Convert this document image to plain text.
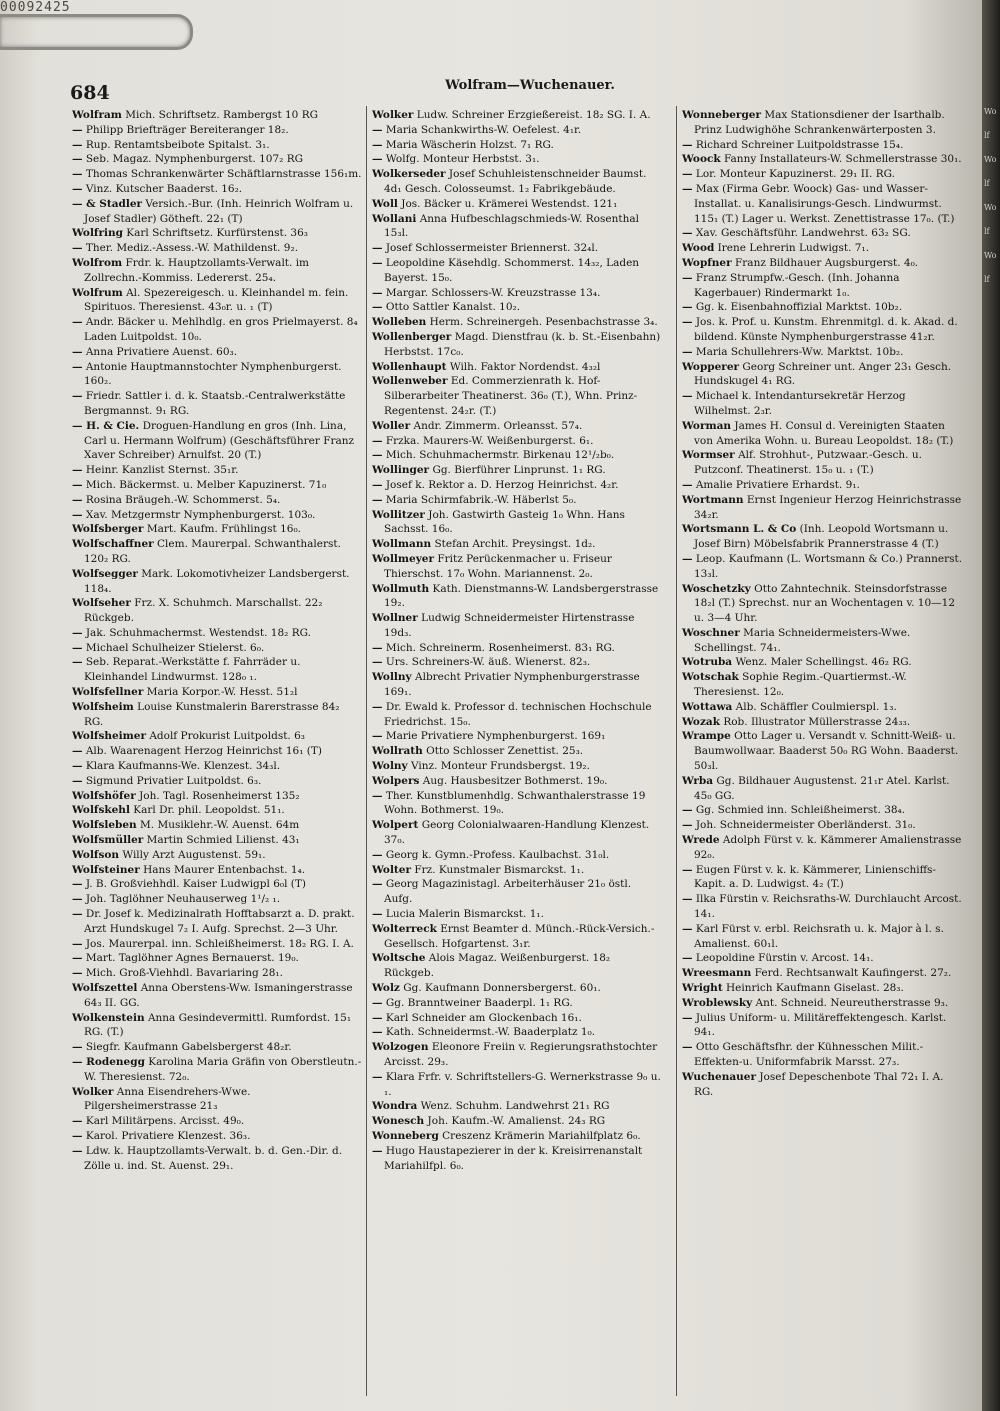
00092425
684	Wolfram—Wuchenauer.

Wolfram Mich. Schriftsetz. Rambergst 10 RG

— Philipp Briefträger Bereiteranger 18₂.

— Rup. Rentamtsbeibote Spitalst. 3₁.

— Seb. Magaz. Nymphenburgerst. 107₂ RG

— Thomas Schrankenwärter Schäftlarnstrasse 156₁m.

— Vinz. Kutscher Baaderst. 16₂.

— & Stadler Versich.-Bur. (Inh. Heinrich Wolfram u. Josef Stadler) Götheft. 22₁ (T)

Wolfring Karl Schriftsetz. Kurfürstenst. 36₃

— Ther. Mediz.-Assess.-W. Mathildenst. 9₂.

Wolfrom Frdr. k. Hauptzollamts-Verwalt. im Zollrechn.-Kommiss. Ledererst. 25₄.

Wolfrum Al. Spezereigesch. u. Kleinhandel m. fein. Spirituos. Theresienst. 43₀r. u. ₁ (T)

— Andr. Bäcker u. Mehlhdlg. en gros Prielmayerst. 8₄ Laden Luitpoldst. 10₀.

— Anna Privatiere Auenst. 60₃.

— Antonie Hauptmannstochter Nymphenburgerst. 160₂.

— Friedr. Sattler i. d. k. Staatsb.-Centralwerkstätte Bergmannst. 9₁ RG.

— H. & Cie. Droguen-Handlung en gros (Inh. Lina, Carl u. Hermann Wolfrum) (Geschäftsführer Franz Xaver Schreiber) Arnulfst. 20 (T.)

— Heinr. Kanzlist Sternst. 35₁r.

— Mich. Bäckermst. u. Melber Kapuzinerst. 71₀

— Rosina Bräugeh.-W. Schommerst. 5₄.

— Xav. Metzgermstr Nymphenburgerst. 103₀.

Wolfsberger Mart. Kaufm. Frühlingst 16₀.

Wolfschaffner Clem. Maurerpal. Schwanthalerst. 120₂ RG.

Wolfsegger Mark. Lokomotivheizer Landsbergerst. 118₄.

Wolfseher Frz. X. Schuhmch. Marschallst. 22₂ Rückgeb.

— Jak. Schuhmachermst. Westendst. 18₂ RG.

— Michael Schulheizer Stielerst. 6₀.

— Seb. Reparat.-Werkstätte f. Fahrräder u. Kleinhandel Lindwurmst. 128₀ ₁.

Wolfsfellner Maria Korpor.-W. Hesst. 51₂l

Wolfsheim Louise Kunstmalerin Barerstrasse 84₂ RG.

Wolfsheimer Adolf Prokurist Luitpoldst. 6₃

— Alb. Waarenagent Herzog Heinrichst 16₁ (T)

— Klara Kaufmanns-We. Klenzest. 34₃l.

— Sigmund Privatier Luitpoldst. 6₃.

Wolfshöfer Joh. Tagl. Rosenheimerst 135₂

Wolfskehl Karl Dr. phil. Leopoldst. 51₁.

Wolfsleben M. Musiklehr.-W. Auenst. 64m

Wolfsmüller Martin Schmied Lilienst. 43₁

Wolfson Willy Arzt Augustenst. 59₁.

Wolfsteiner Hans Maurer Entenbachst. 1₄.

— J. B. Großviehhdl. Kaiser Ludwigpl 6₀l (T)

— Joh. Taglöhner Neuhauserweg 1¹/₂ ₁.

— Dr. Josef k. Medizinalrath Hofftabsarzt a. D. prakt. Arzt Hundskugel 7₂ I. Aufg. Sprechst. 2—3 Uhr.

— Jos. Maurerpal. inn. Schleißheimerst. 18₂ RG. I. A.

— Mart. Taglöhner Agnes Bernauerst. 19₀.

— Mich. Groß-Viehhdl. Bavariaring 28₁.

Wolfszettel Anna Oberstens-Ww. Ismaningerstrasse 64₃ II. GG.

Wolkenstein Anna Gesindevermittl. Rumfordst. 15₁ RG. (T.)

— Siegfr. Kaufmann Gabelsbergerst 48₂r.

— Rodenegg Karolina Maria Gräfin von Oberstleutn.-W. Theresienst. 72₀.

Wolker Anna Eisendrehers-Wwe. Pilgersheimerstrasse 21₃

— Karl Militärpens. Arcisst. 49₀.

— Karol. Privatiere Klenzest. 36₃.

— Ldw. k. Hauptzollamts-Verwalt. b. d. Gen.-Dir. d. Zölle u. ind. St. Auenst. 29₁.

Wolker Ludw. Schreiner Erzgießereist. 18₂ SG. I. A.

— Maria Schankwirths-W. Oefelest. 4₁r.

— Maria Wäscherin Holzst. 7₁ RG.

— Wolfg. Monteur Herbstst. 3₁.

Wolkerseder Josef Schuhleistenschneider Baumst. 4d₁ Gesch. Colosseumst. 1₂ Fabrikgebäude.

Woll Jos. Bäcker u. Krämerei Westendst. 121₁

Wollani Anna Hufbeschlagschmieds-W. Rosenthal 15₃l.

— Josef Schlossermeister Briennerst. 32₄l.

— Leopoldine Käsehdlg. Schommerst. 14₃₂, Laden Bayerst. 15₀.

— Margar. Schlossers-W. Kreuzstrasse 13₄.

— Otto Sattler Kanalst. 10₂.

Wolleben Herm. Schreinergeh. Pesenbachstrasse 3₄.

Wollenberger Magd. Dienstfrau (k. b. St.-Eisenbahn) Herbstst. 17c₀.

Wollenhaupt Wilh. Faktor Nordendst. 4₃₂l

Wollenweber Ed. Commerzienrath k. Hof-Silberarbeiter Theatinerst. 36₀ (T.), Whn. Prinz-Regentenst. 24₂r. (T.)

Woller Andr. Zimmerm. Orleansst. 57₄.

— Frzka. Maurers-W. Weißenburgerst. 6₁.

— Mich. Schuhmachermstr. Birkenau 12¹/₂b₀.

Wollinger Gg. Bierführer Linprunst. 1₁ RG.

— Josef k. Rektor a. D. Herzog Heinrichst. 4₂r.

— Maria Schirmfabrik.-W. Häberlst 5₀.

Wollitzer Joh. Gastwirth Gasteig 1₀ Whn. Hans Sachsst. 16₀.

Wollmann Stefan Archit. Preysingst. 1d₂.

Wollmeyer Fritz Perückenmacher u. Friseur Thierschst. 17₀ Wohn. Mariannenst. 2₀.

Wollmuth Kath. Dienstmanns-W. Landsbergerstrasse 19₂.

Wollner Ludwig Schneidermeister Hirtenstrasse 19d₃.

— Mich. Schreinerm. Rosenheimerst. 83₁ RG.

— Urs. Schreiners-W. äuß. Wienerst. 82₃.

Wollny Albrecht Privatier Nymphenburgerstrasse 169₁.

— Dr. Ewald k. Professor d. technischen Hochschule Friedrichst. 15₀.

— Marie Privatiere Nymphenburgerst. 169₁

Wollrath Otto Schlosser Zenettist. 25₃.

Wolny Vinz. Monteur Frundsbergst. 19₂.

Wolpers Aug. Hausbesitzer Bothmerst. 19₀.

— Ther. Kunstblumenhdlg. Schwanthalerstrasse 19 Wohn. Bothmerst. 19₀.

Wolpert Georg Colonialwaaren-Handlung Klenzest. 37₀.

— Georg k. Gymn.-Profess. Kaulbachst. 31₀l.

Wolter Frz. Kunstmaler Bismarckst. 1₁.

— Georg Magazinistagl. Arbeiterhäuser 21₀ östl. Aufg.

— Lucia Malerin Bismarckst. 1₁.

Wolterreck Ernst Beamter d. Münch.-Rück-Versich.-Gesellsch. Hofgartenst. 3₁r.

Woltsche Alois Magaz. Weißenburgerst. 18₂ Rückgeb.

Wolz Gg. Kaufmann Donnersbergerst. 60₁.

— Gg. Branntweiner Baaderpl. 1₁ RG.

— Karl Schneider am Glockenbach 16₁.

— Kath. Schneidermst.-W. Baaderplatz 1₀.

Wolzogen Eleonore Freiin v. Regierungsrathstochter Arcisst. 29₃.

— Klara Frfr. v. Schriftstellers-G. Wernerkstrasse 9₀ u. ₁.

Wondra Wenz. Schuhm. Landwehrst 21₁ RG

Wonesch Joh. Kaufm.-W. Amalienst. 24₃ RG

Wonneberg Creszenz Krämerin Mariahilfplatz 6₀.

— Hugo Haustapezierer in der k. Kreisirrenanstalt Mariahilfpl. 6₀.

Wonneberger Max Stationsdiener der Isarthalb. Prinz Ludwighöhe Schrankenwärterposten 3.

— Richard Schreiner Luitpoldstrasse 15₄.

Woock Fanny Installateurs-W. Schmellerstrasse 30₁.

— Lor. Monteur Kapuzinerst. 29₁ II. RG.

— Max (Firma Gebr. Woock) Gas- und Wasser-Installat. u. Kanalisirungs-Gesch. Lindwurmst. 115₁ (T.) Lager u. Werkst. Zenettistrasse 17₀. (T.)

— Xav. Geschäftsführ. Landwehrst. 63₂ SG.

Wood Irene Lehrerin Ludwigst. 7₁.

Wopfner Franz Bildhauer Augsburgerst. 4₀.

— Franz Strumpfw.-Gesch. (Inh. Johanna Kagerbauer) Rindermarkt 1₀.

— Gg. k. Eisenbahnoffizial Marktst. 10b₂.

— Jos. k. Prof. u. Kunstm. Ehrenmitgl. d. k. Akad. d. bildend. Künste Nymphenburgerstrasse 41₂r.

— Maria Schullehrers-Ww. Marktst. 10b₂.

Wopperer Georg Schreiner unt. Anger 23₁ Gesch. Hundskugel 4₁ RG.

— Michael k. Intendantursekretär Herzog Wilhelmst. 2₃r.

Worman James H. Consul d. Vereinigten Staaten von Amerika Wohn. u. Bureau Leopoldst. 18₂ (T.)

Wormser Alf. Strohhut-, Putzwaar.-Gesch. u. Putzconf. Theatinerst. 15₀ u. ₁ (T.)

— Amalie Privatiere Erhardst. 9₁.

Wortmann Ernst Ingenieur Herzog Heinrichstrasse 34₂r.

Wortsmann L. & Co (Inh. Leopold Wortsmann u. Josef Birn) Möbelsfabrik Prannerstrasse 4 (T.)

— Leop. Kaufmann (L. Wortsmann & Co.) Prannerst. 13₃l.

Woschetzky Otto Zahntechnik. Steinsdorfstrasse 18₂l (T.) Sprechst. nur an Wochentagen v. 10—12 u. 3—4 Uhr.

Woschner Maria Schneidermeisters-Wwe. Schellingst. 74₁.

Wotruba Wenz. Maler Schellingst. 46₂ RG.

Wotschak Sophie Regim.-Quartiermst.-W. Theresienst. 12₀.

Wottawa Alb. Schäffler Coulmierspl. 1₃.

Wozak Rob. Illustrator Müllerstrasse 24₃₃.

Wrampe Otto Lager u. Versandt v. Schnitt-Weiß- u. Baumwollwaar. Baaderst 50₀ RG Wohn. Baaderst. 50₃l.

Wrba Gg. Bildhauer Augustenst. 21₁r Atel. Karlst. 45₀ GG.

— Gg. Schmied inn. Schleißheimerst. 38₄.

— Joh. Schneidermeister Oberländerst. 31₀.

Wrede Adolph Fürst v. k. Kämmerer Amalienstrasse 92₀.

— Eugen Fürst v. k. k. Kämmerer, Linienschiffs-Kapit. a. D. Ludwigst. 4₂ (T.)

— Ilka Fürstin v. Reichsraths-W. Durchlaucht Arcost. 14₁.

— Karl Fürst v. erbl. Reichsrath u. k. Major à l. s. Amalienst. 60₁l.

— Leopoldine Fürstin v. Arcost. 14₁.

Wreesmann Ferd. Rechtsanwalt Kaufingerst. 27₂.

Wright Heinrich Kaufmann Giselast. 28₃.

Wroblewsky Ant. Schneid. Neureutherstrasse 9₃.

— Julius Uniform- u. Militäreffektengesch. Karlst. 94₁.

— Otto Geschäftsfhr. der Kühnesschen Milit.-Effekten-u. Uniformfabrik Marsst. 27₃.

Wuchenauer Josef Depeschenbote Thal 72₁ I. A. RG.

Wolf Wolf Wolf Wolf
